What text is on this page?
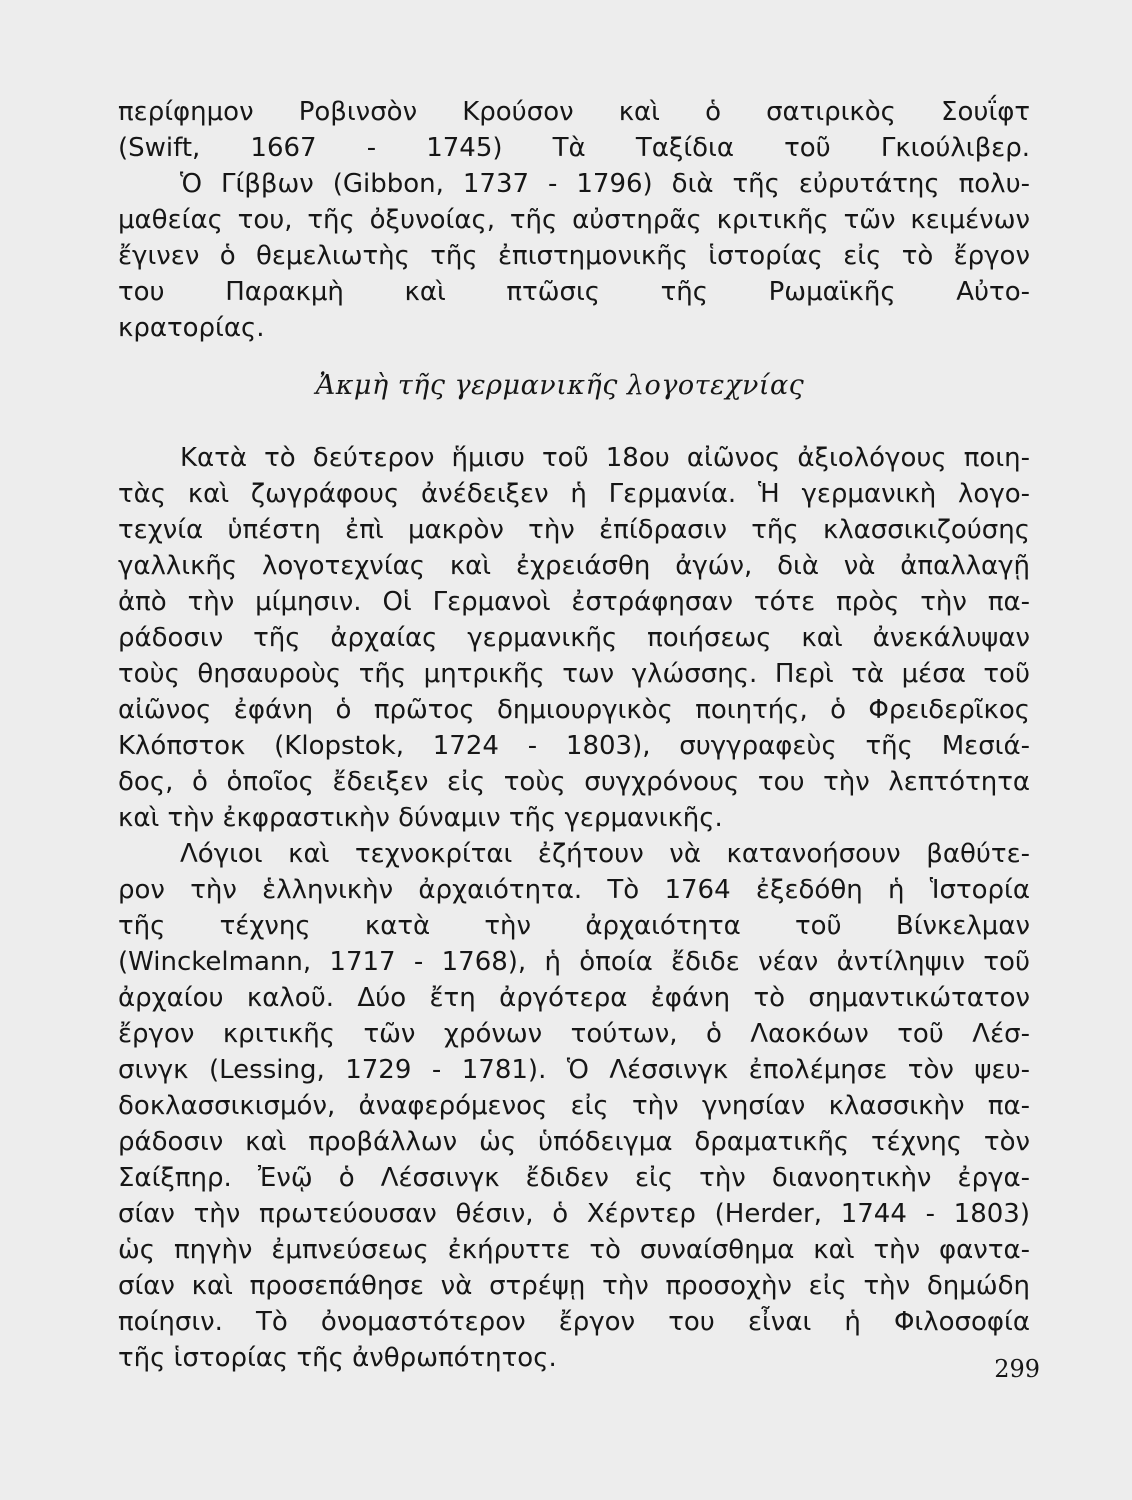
περίφημον Ροβινσὸν Κρούσον καὶ ὁ σατιρικὸς Σουΐφτ
(Swift, 1667 - 1745) Τὰ Ταξίδια τοῦ Γκιούλιβερ.
Ὁ Γίββων (Gibbon, 1737 - 1796) διὰ τῆς εὐρυτάτης πολυ-
μαθείας του, τῆς ὀξυνοίας, τῆς αὐστηρᾶς κριτικῆς τῶν κειμένων
ἔγινεν ὁ θεμελιωτὴς τῆς ἐπιστημονικῆς ἱστορίας εἰς τὸ ἔργον
του Παρακμὴ καὶ πτῶσις τῆς Ρωμαϊκῆς Αὐτο-
κρατορίας.
Ἀκμὴ τῆς γερμανικῆς λογοτεχνίας
Κατὰ τὸ δεύτερον ἥμισυ τοῦ 18ου αἰῶνος ἀξιολόγους ποιη-
τὰς καὶ ζωγράφους ἀνέδειξεν ἡ Γερμανία. Ἡ γερμανικὴ λογο-
τεχνία ὑπέστη ἐπὶ μακρὸν τὴν ἐπίδρασιν τῆς κλασσικιζούσης
γαλλικῆς λογοτεχνίας καὶ ἐχρειάσθη ἀγών, διὰ νὰ ἀπαλλαγῇ
ἀπὸ τὴν μίμησιν. Οἱ Γερμανοὶ ἐστράφησαν τότε πρὸς τὴν πα-
ράδοσιν τῆς ἀρχαίας γερμανικῆς ποιήσεως καὶ ἀνεκάλυψαν
τοὺς θησαυροὺς τῆς μητρικῆς των γλώσσης. Περὶ τὰ μέσα τοῦ
αἰῶνος ἐφάνη ὁ πρῶτος δημιουργικὸς ποιητής, ὁ Φρειδερῖκος
Κλόπστοκ (Klopstok, 1724 - 1803), συγγραφεὺς τῆς Μεσιά-
δος, ὁ ὁποῖος ἔδειξεν εἰς τοὺς συγχρόνους του τὴν λεπτότητα
καὶ τὴν ἐκφραστικὴν δύναμιν τῆς γερμανικῆς.
Λόγιοι καὶ τεχνοκρίται ἐζήτουν νὰ κατανοήσουν βαθύτε-
ρον τὴν ἑλληνικὴν ἀρχαιότητα. Τὸ 1764 ἐξεδόθη ἡ Ἱστορία
τῆς τέχνης κατὰ τὴν ἀρχαιότητα τοῦ Βίνκελμαν
(Winckelmann, 1717 - 1768), ἡ ὁποία ἔδιδε νέαν ἀντίληψιν τοῦ
ἀρχαίου καλοῦ. Δύο ἔτη ἀργότερα ἐφάνη τὸ σημαντικώτατον
ἔργον κριτικῆς τῶν χρόνων τούτων, ὁ Λαοκόων τοῦ Λέσ-
σινγκ (Lessing, 1729 - 1781). Ὁ Λέσσινγκ ἐπολέμησε τὸν ψευ-
δοκλασσικισμόν, ἀναφερόμενος εἰς τὴν γνησίαν κλασσικὴν πα-
ράδοσιν καὶ προβάλλων ὡς ὑπόδειγμα δραματικῆς τέχνης τὸν
Σαίξπηρ. Ἐνῷ ὁ Λέσσινγκ ἔδιδεν εἰς τὴν διανοητικὴν ἐργα-
σίαν τὴν πρωτεύουσαν θέσιν, ὁ Χέρντερ (Herder, 1744 - 1803)
ὡς πηγὴν ἐμπνεύσεως ἐκήρυττε τὸ συναίσθημα καὶ τὴν φαντα-
σίαν καὶ προσεπάθησε νὰ στρέψῃ τὴν προσοχὴν εἰς τὴν δημώδη
ποίησιν. Τὸ ὀνομαστότερον ἔργον του εἶναι ἡ Φιλοσοφία
τῆς ἱστορίας τῆς ἀνθρωπότητος.	299
